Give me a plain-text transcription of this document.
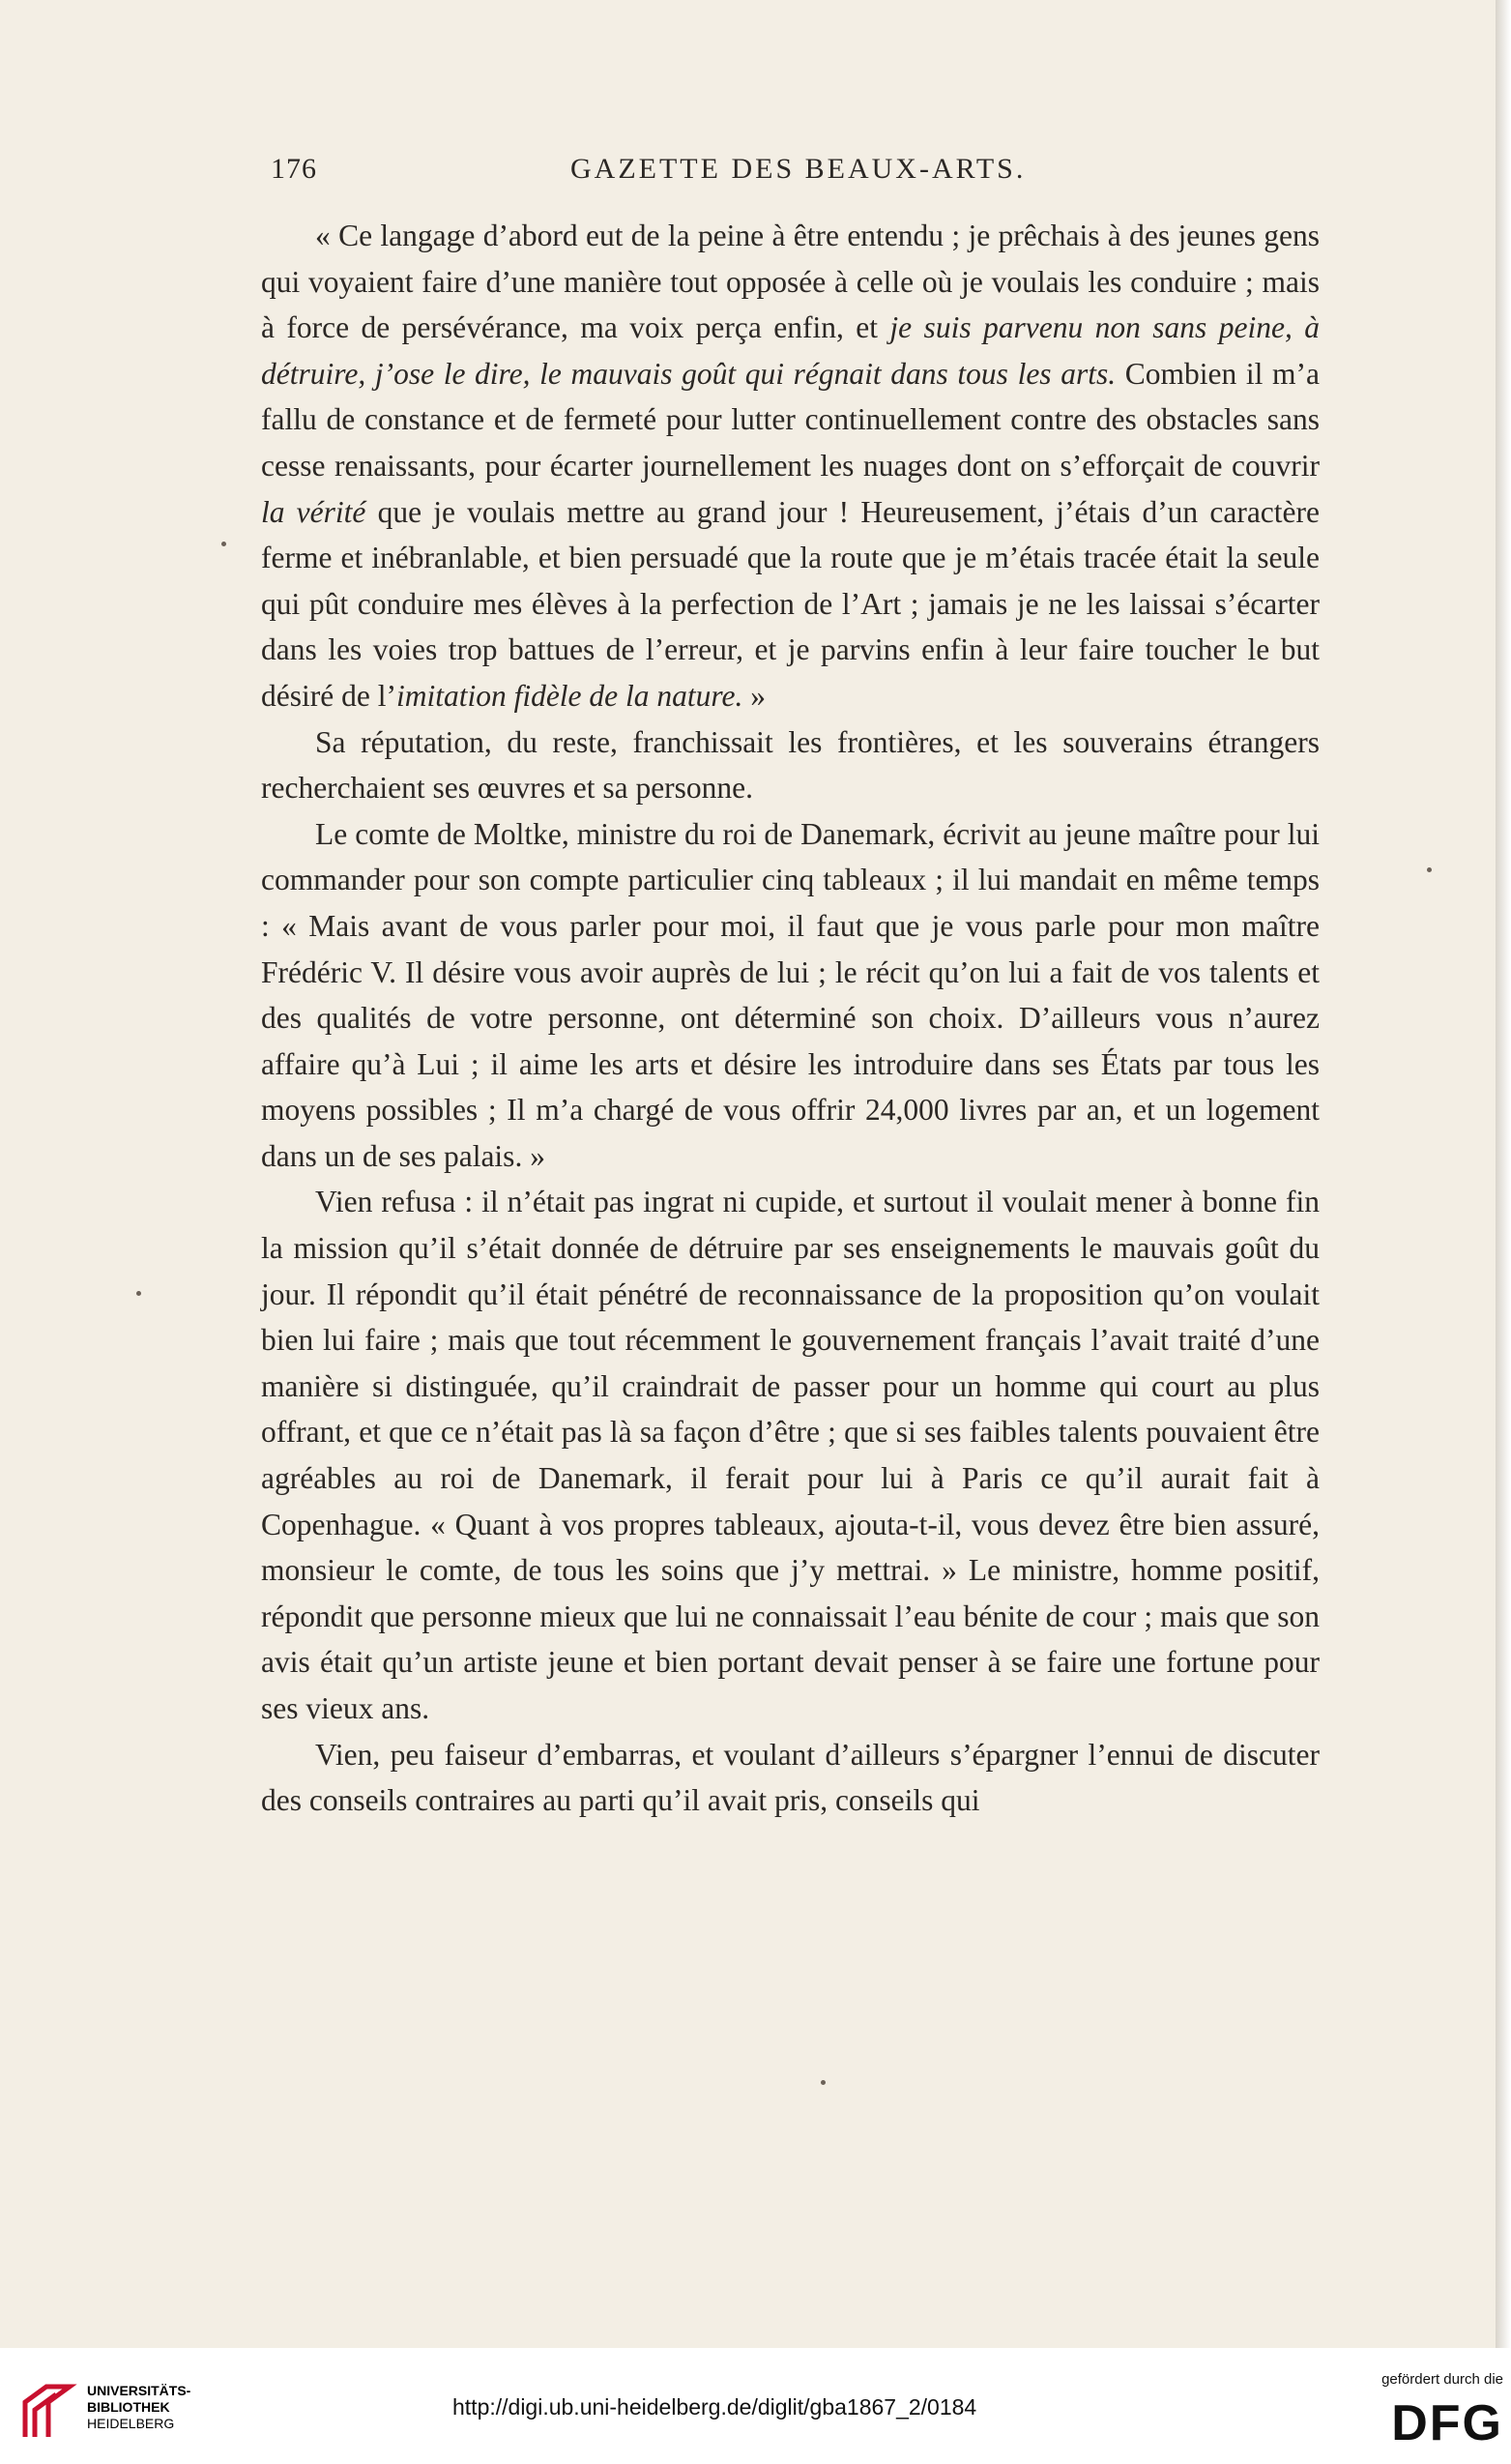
176	GAZETTE DES BEAUX-ARTS.

« Ce langage d’abord eut de la peine à être entendu ; je prêchais à des jeunes gens qui voyaient faire d’une manière tout opposée à celle où je voulais les conduire ; mais à force de persévérance, ma voix perça enfin, et je suis parvenu non sans peine, à détruire, j’ose le dire, le mauvais goût qui régnait dans tous les arts. Combien il m’a fallu de constance et de fermeté pour lutter continuellement contre des obstacles sans cesse renaissants, pour écarter journellement les nuages dont on s’efforçait de couvrir la vérité que je voulais mettre au grand jour ! Heureusement, j’étais d’un caractère ferme et inébranlable, et bien persuadé que la route que je m’étais tracée était la seule qui pût conduire mes élèves à la perfection de l’Art ; jamais je ne les laissai s’écarter dans les voies trop battues de l’erreur, et je parvins enfin à leur faire toucher le but désiré de l’imitation fidèle de la nature. »

Sa réputation, du reste, franchissait les frontières, et les souverains étrangers recherchaient ses œuvres et sa personne.

Le comte de Moltke, ministre du roi de Danemark, écrivit au jeune maître pour lui commander pour son compte particulier cinq tableaux ; il lui mandait en même temps : « Mais avant de vous parler pour moi, il faut que je vous parle pour mon maître Frédéric V. Il désire vous avoir auprès de lui ; le récit qu’on lui a fait de vos talents et des qualités de votre personne, ont déterminé son choix. D’ailleurs vous n’aurez affaire qu’à Lui ; il aime les arts et désire les introduire dans ses États par tous les moyens possibles ; Il m’a chargé de vous offrir 24,000 livres par an, et un logement dans un de ses palais. »

Vien refusa : il n’était pas ingrat ni cupide, et surtout il voulait mener à bonne fin la mission qu’il s’était donnée de détruire par ses enseignements le mauvais goût du jour. Il répondit qu’il était pénétré de reconnaissance de la proposition qu’on voulait bien lui faire ; mais que tout récemment le gouvernement français l’avait traité d’une manière si distinguée, qu’il craindrait de passer pour un homme qui court au plus offrant, et que ce n’était pas là sa façon d’être ; que si ses faibles talents pouvaient être agréables au roi de Danemark, il ferait pour lui à Paris ce qu’il aurait fait à Copenhague. « Quant à vos propres tableaux, ajouta-t-il, vous devez être bien assuré, monsieur le comte, de tous les soins que j’y mettrai. » Le ministre, homme positif, répondit que personne mieux que lui ne connaissait l’eau bénite de cour ; mais que son avis était qu’un artiste jeune et bien portant devait penser à se faire une fortune pour ses vieux ans.

Vien, peu faiseur d’embarras, et voulant d’ailleurs s’épargner l’ennui de discuter des conseils contraires au parti qu’il avait pris, conseils qui

UNIVERSITÄTS-
BIBLIOTHEK
HEIDELBERG
http://digi.ub.uni-heidelberg.de/diglit/gba1867_2/0184
gefördert durch die
DFG
